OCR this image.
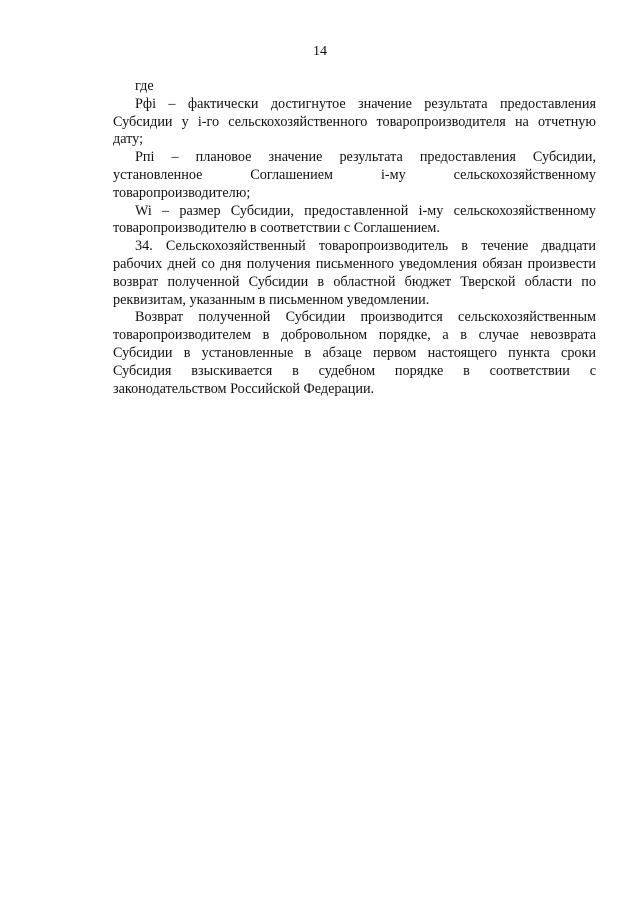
14

где

Pфi – фактически достигнутое значение результата предоставления Субсидии у i-го сельскохозяйственного товаропроизводителя на отчетную дату;

Pпi – плановое значение результата предоставления Субсидии, установленное Соглашением i-му сельскохозяйственному товаропроизводителю;

Wi – размер Субсидии, предоставленной i-му сельскохозяйственному товаропроизводителю в соответствии с Соглашением.

34. Сельскохозяйственный товаропроизводитель в течение двадцати рабочих дней со дня получения письменного уведомления обязан произвести возврат полученной Субсидии в областной бюджет Тверской области по реквизитам, указанным в письменном уведомлении.

Возврат полученной Субсидии производится сельскохозяйственным товаропроизводителем в добровольном порядке, а в случае невозврата Субсидии в установленные в абзаце первом настоящего пункта сроки Субсидия взыскивается в судебном порядке в соответствии с законодательством Российской Федерации.
